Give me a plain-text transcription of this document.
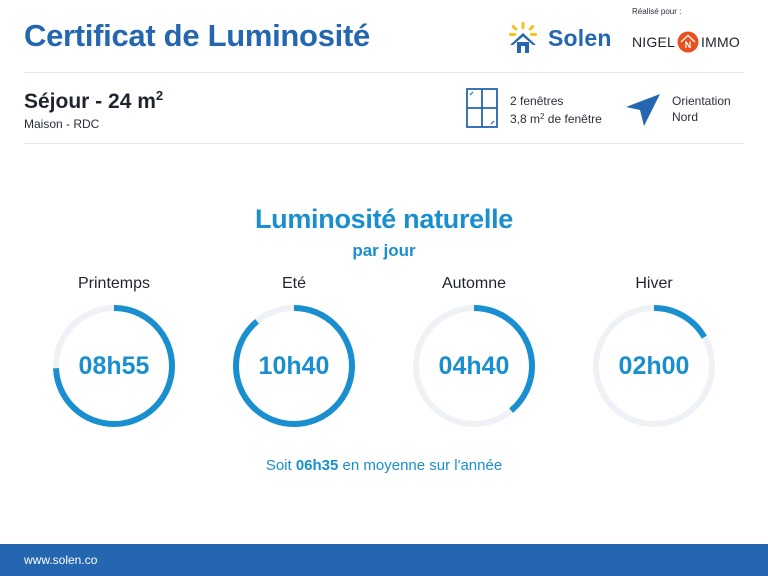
Certificat de Luminosité
Réalisé pour :
Solen NIGEL N IMMO
Séjour - 24 $m^2$
Maison - RDC
2 fenêtres
3,8 $m^2$ de fenêtre
Orientation
Nord
Luminosité naturelle
par jour
Printemps
08h55
Eté
10h40
Automne
04h40
Hiver
02h00
Soit 06h35 en moyenne sur l'année
www.solen.co
